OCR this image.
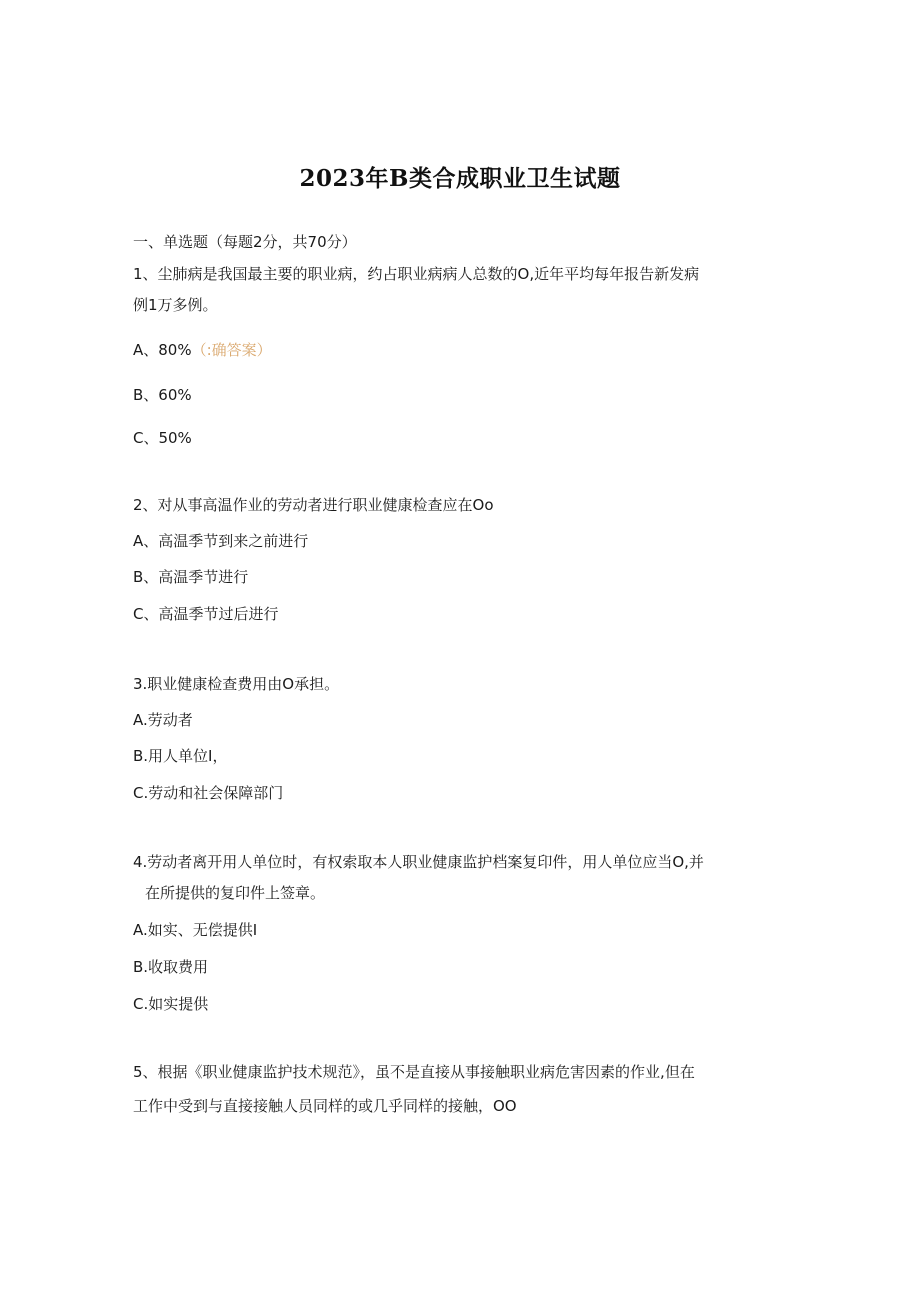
2023年B类合成职业卫生试题
一、单选题（每题2分，共70分）
1、尘肺病是我国最主要的职业病，约占职业病病人总数的O,近年平均每年报告新发病
例1万多例。
A、80%（:确答案）
B、60%
C、50%
2、对从事高温作业的劳动者进行职业健康检查应在Oo
A、高温季节到来之前进行
B、高温季节进行
C、高温季节过后进行
3.职业健康检查费用由O承担。
A.劳动者
B.用人单位I，
C.劳动和社会保障部门
4.劳动者离开用人单位时，有权索取本人职业健康监护档案复印件，用人单位应当O,并
在所提供的复印件上签章。
A.如实、无偿提供I
B.收取费用
C.如实提供
5、根据《职业健康监护技术规范》，虽不是直接从事接触职业病危害因素的作业,但在
工作中受到与直接接触人员同样的或几乎同样的接触，OO
